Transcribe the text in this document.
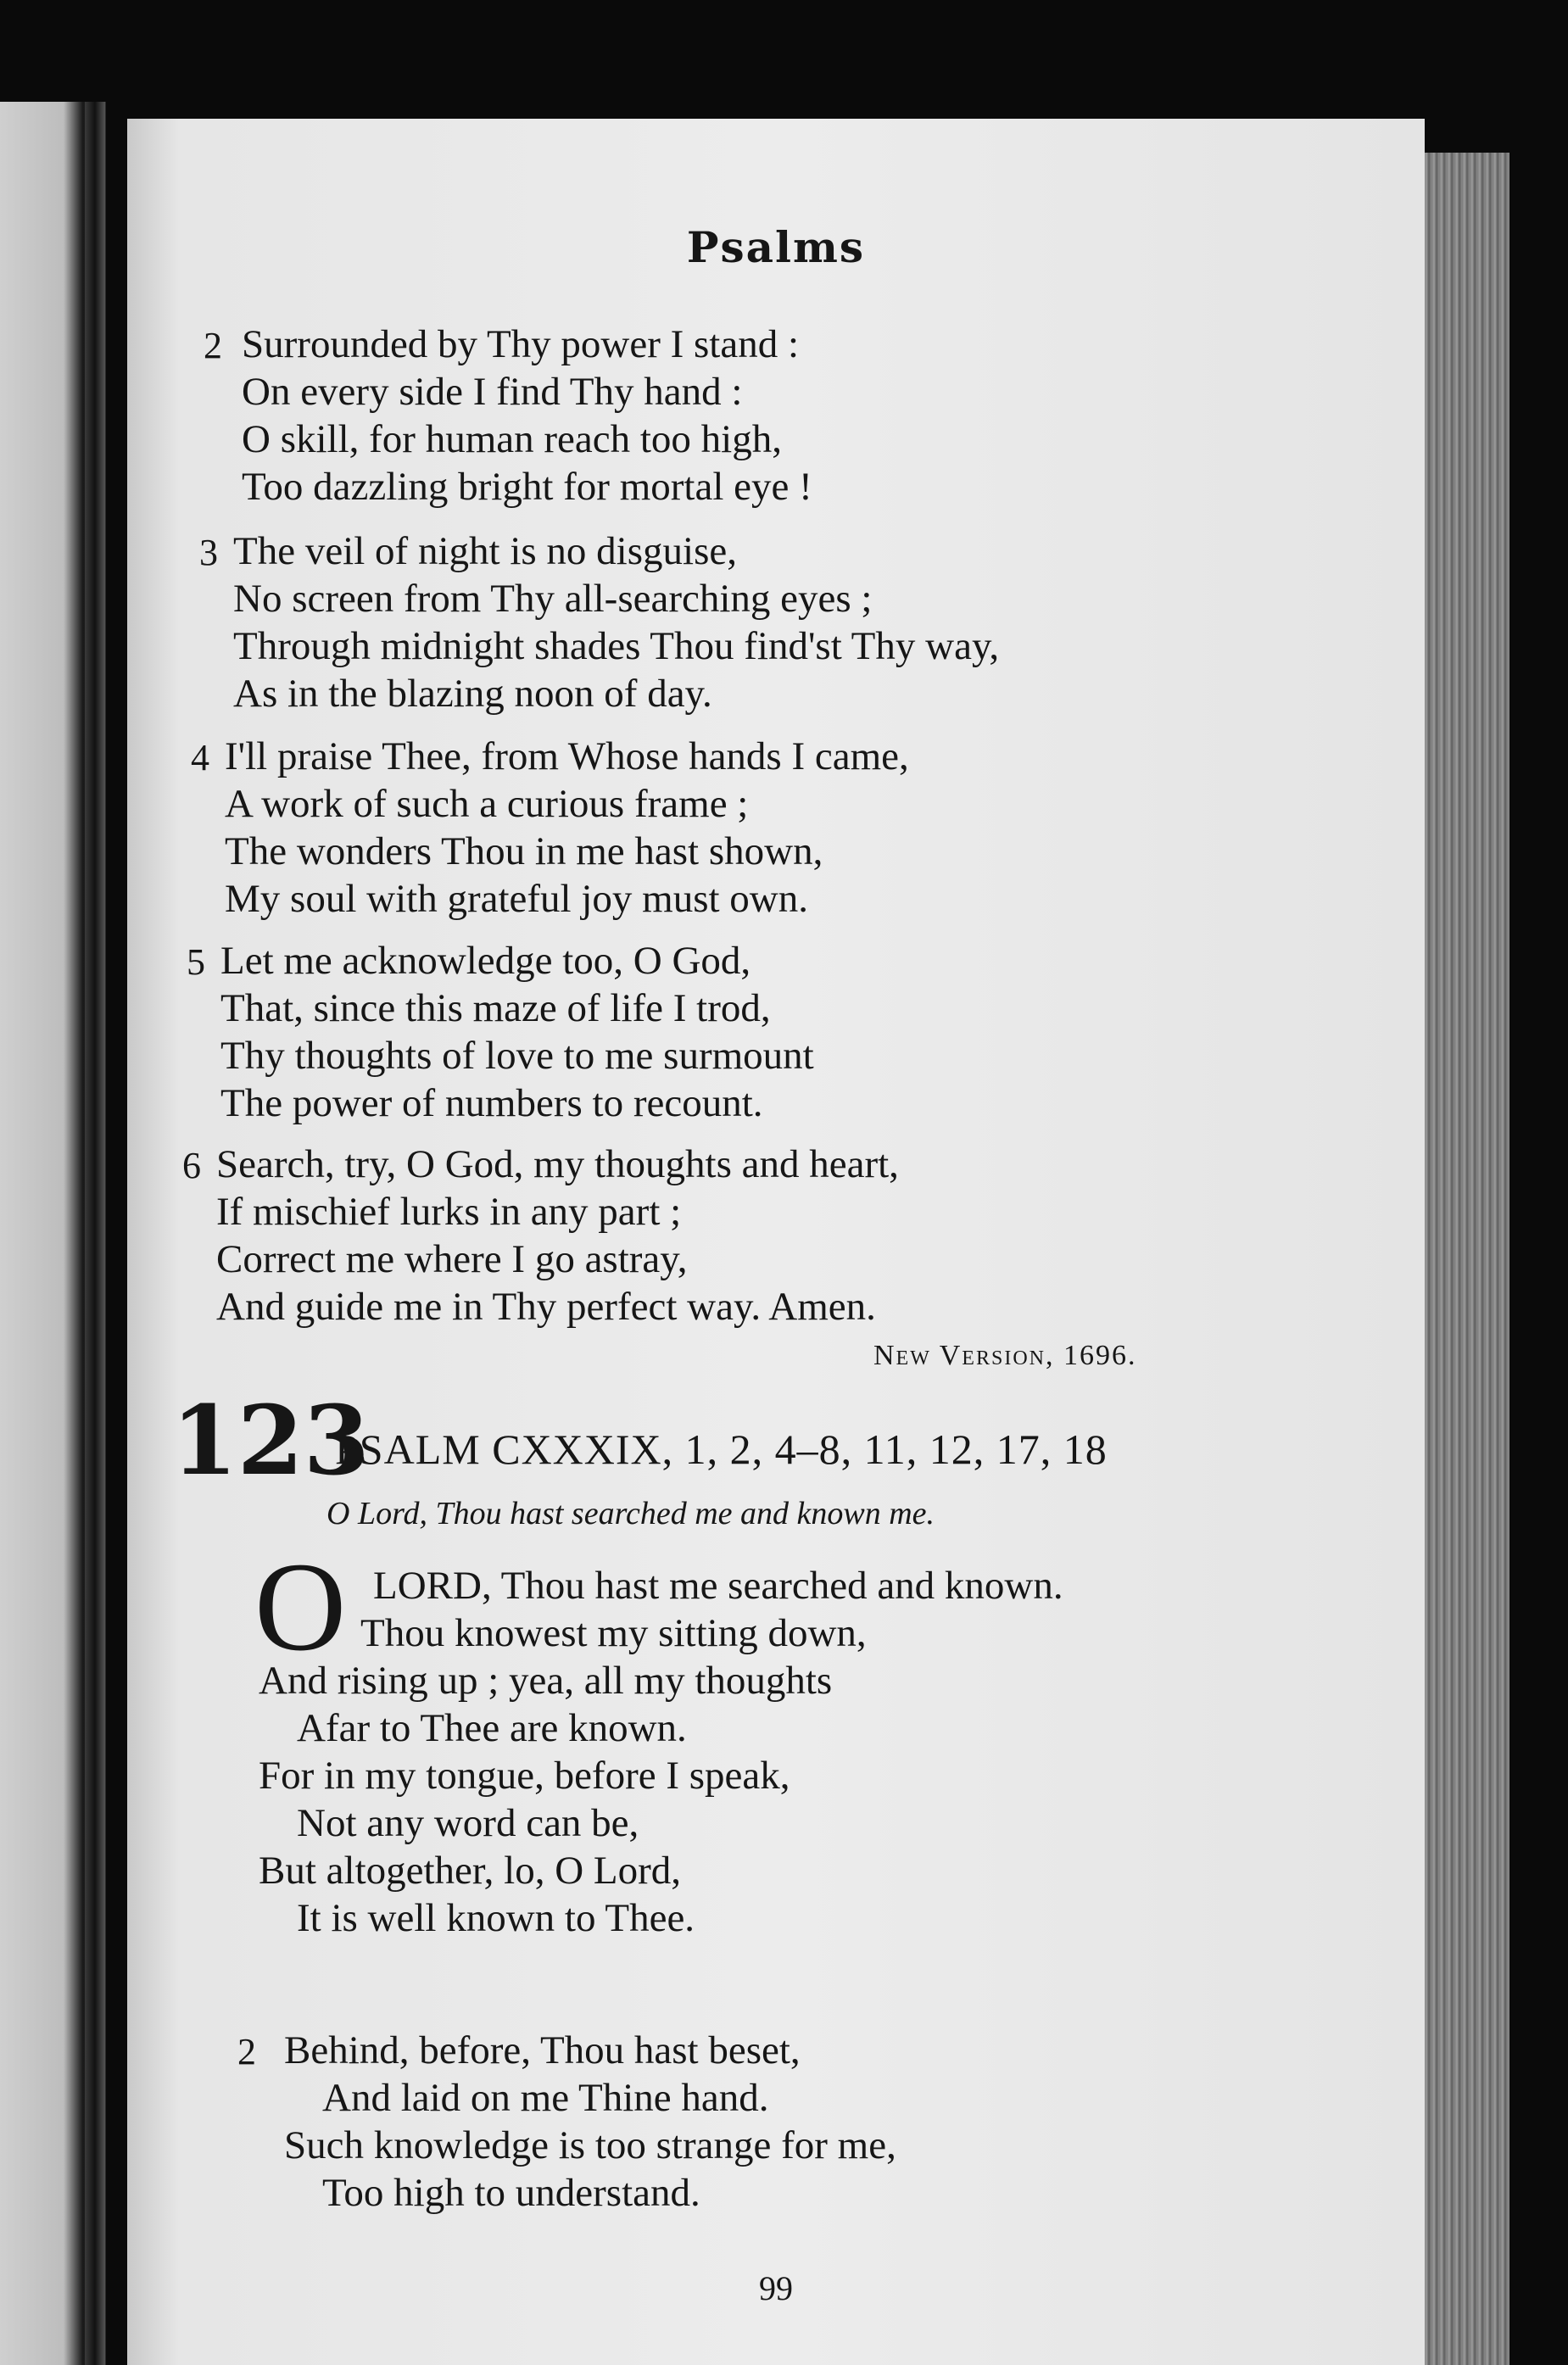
Psalms
2 Surrounded by Thy power I stand :
On every side I find Thy hand :
O skill, for human reach too high,
Too dazzling bright for mortal eye !
3 The veil of night is no disguise,
No screen from Thy all-searching eyes ;
Through midnight shades Thou find'st Thy way,
As in the blazing noon of day.
4 I'll praise Thee, from Whose hands I came,
A work of such a curious frame ;
The wonders Thou in me hast shown,
My soul with grateful joy must own.
5 Let me acknowledge too, O God,
That, since this maze of life I trod,
Thy thoughts of love to me surmount
The power of numbers to recount.
6 Search, try, O God, my thoughts and heart,
If mischief lurks in any part ;
Correct me where I go astray,
And guide me in Thy perfect way. Amen.
New Version, 1696.
123
PSALM CXXXIX, 1, 2, 4–8, 11, 12, 17, 18
O Lord, Thou hast searched me and known me.
O LORD, Thou hast me searched and known.
Thou knowest my sitting down,
And rising up ; yea, all my thoughts
Afar to Thee are known.
For in my tongue, before I speak,
Not any word can be,
But altogether, lo, O Lord,
It is well known to Thee.
2 Behind, before, Thou hast beset,
And laid on me Thine hand.
Such knowledge is too strange for me,
Too high to understand.
99
